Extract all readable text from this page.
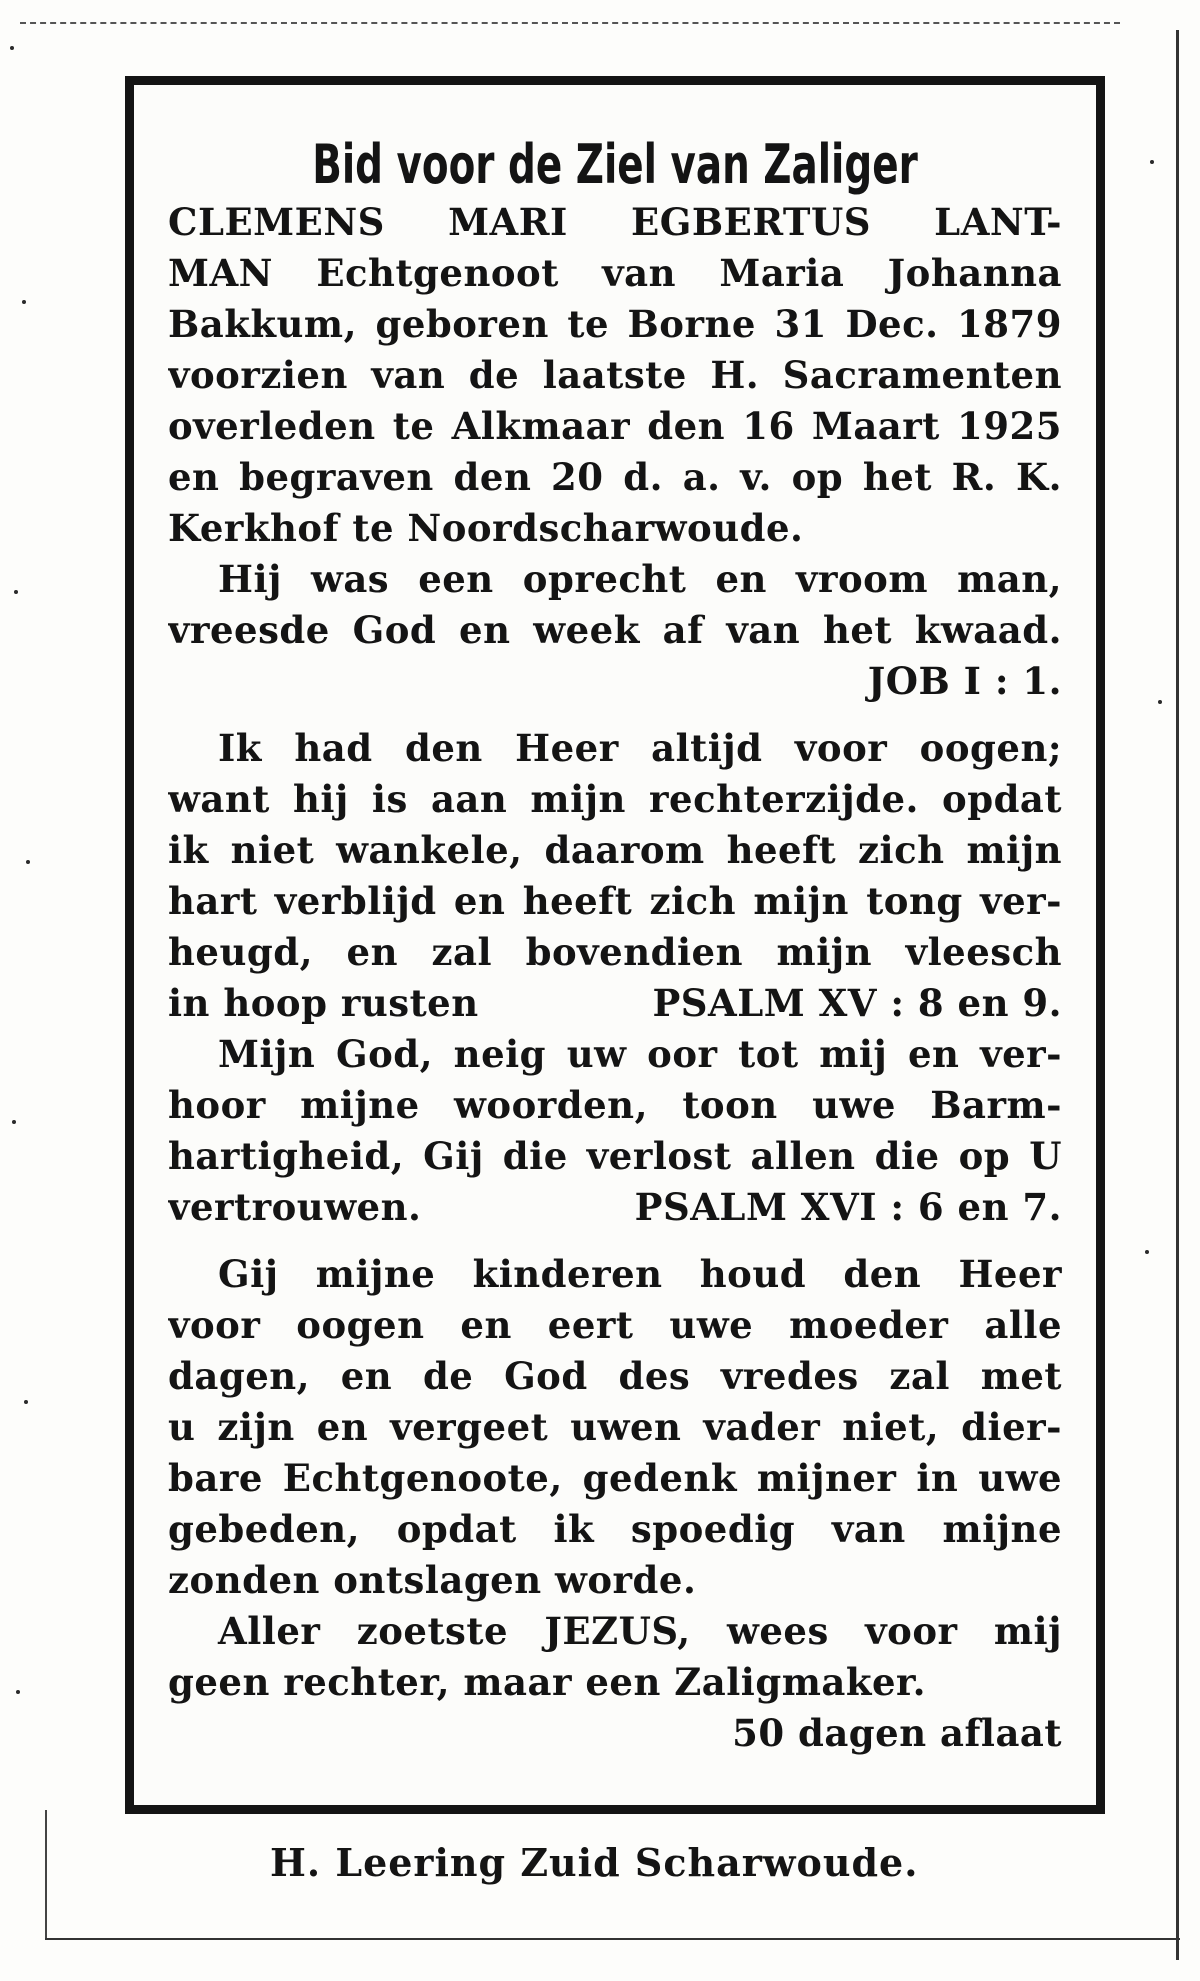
Bid voor de Ziel van Zaliger
CLEMENS MARI EGBERTUS LANT-
MAN Echtgenoot van Maria Johanna
Bakkum, geboren te Borne 31 Dec. 1879
voorzien van de laatste H. Sacramenten
overleden te Alkmaar den 16 Maart 1925
en begraven den 20 d. a. v. op het R. K.
Kerkhof te Noordscharwoude.
Hij was een oprecht en vroom man,
vreesde God en week af van het kwaad.
JOB I : 1.
Ik had den Heer altijd voor oogen;
want hij is aan mijn rechterzijde. opdat
ik niet wankele, daarom heeft zich mijn
hart verblijd en heeft zich mijn tong ver-
heugd, en zal bovendien mijn vleesch
in hoop rusten	PSALM XV : 8 en 9.
Mijn God, neig uw oor tot mij en ver-
hoor mijne woorden, toon uwe Barm-
hartigheid, Gij die verlost allen die op U
vertrouwen.	PSALM XVI : 6 en 7.
Gij mijne kinderen houd den Heer
voor oogen en eert uwe moeder alle
dagen, en de God des vredes zal met
u zijn en vergeet uwen vader niet, dier-
bare Echtgenoote, gedenk mijner in uwe
gebeden, opdat ik spoedig van mijne
zonden ontslagen worde.
Aller zoetste JEZUS, wees voor mij
geen rechter, maar een Zaligmaker.
50 dagen aflaat
H. Leering Zuid Scharwoude.
